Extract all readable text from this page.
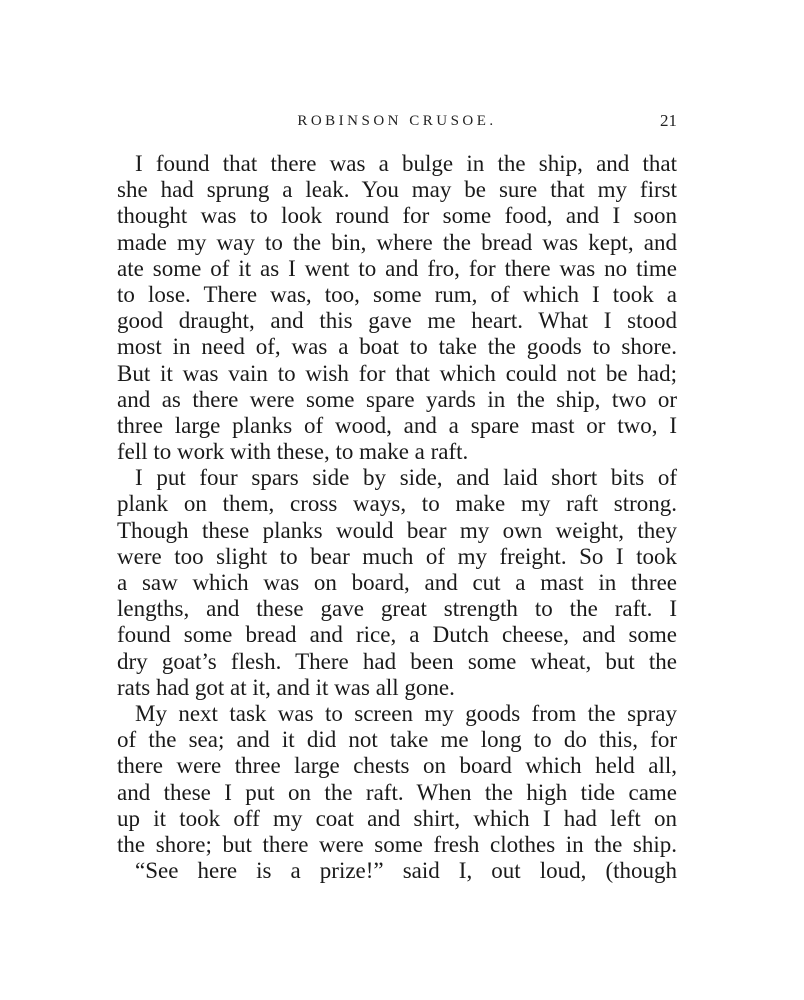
ROBINSON CRUSOE.	21
I found that there was a bulge in the ship, and that
she had sprung a leak. You may be sure that my first
thought was to look round for some food, and I soon
made my way to the bin, where the bread was kept, and
ate some of it as I went to and fro, for there was no time
to lose. There was, too, some rum, of which I took a
good draught, and this gave me heart. What I stood
most in need of, was a boat to take the goods to shore.
But it was vain to wish for that which could not be had;
and as there were some spare yards in the ship, two or
three large planks of wood, and a spare mast or two, I
fell to work with these, to make a raft.
I put four spars side by side, and laid short bits of
plank on them, cross ways, to make my raft strong.
Though these planks would bear my own weight, they
were too slight to bear much of my freight. So I took
a saw which was on board, and cut a mast in three
lengths, and these gave great strength to the raft. I
found some bread and rice, a Dutch cheese, and some
dry goat’s flesh. There had been some wheat, but the
rats had got at it, and it was all gone.
My next task was to screen my goods from the spray
of the sea; and it did not take me long to do this, for
there were three large chests on board which held all,
and these I put on the raft. When the high tide came
up it took off my coat and shirt, which I had left on
the shore; but there were some fresh clothes in the ship.
“See here is a prize!” said I, out loud, (though
